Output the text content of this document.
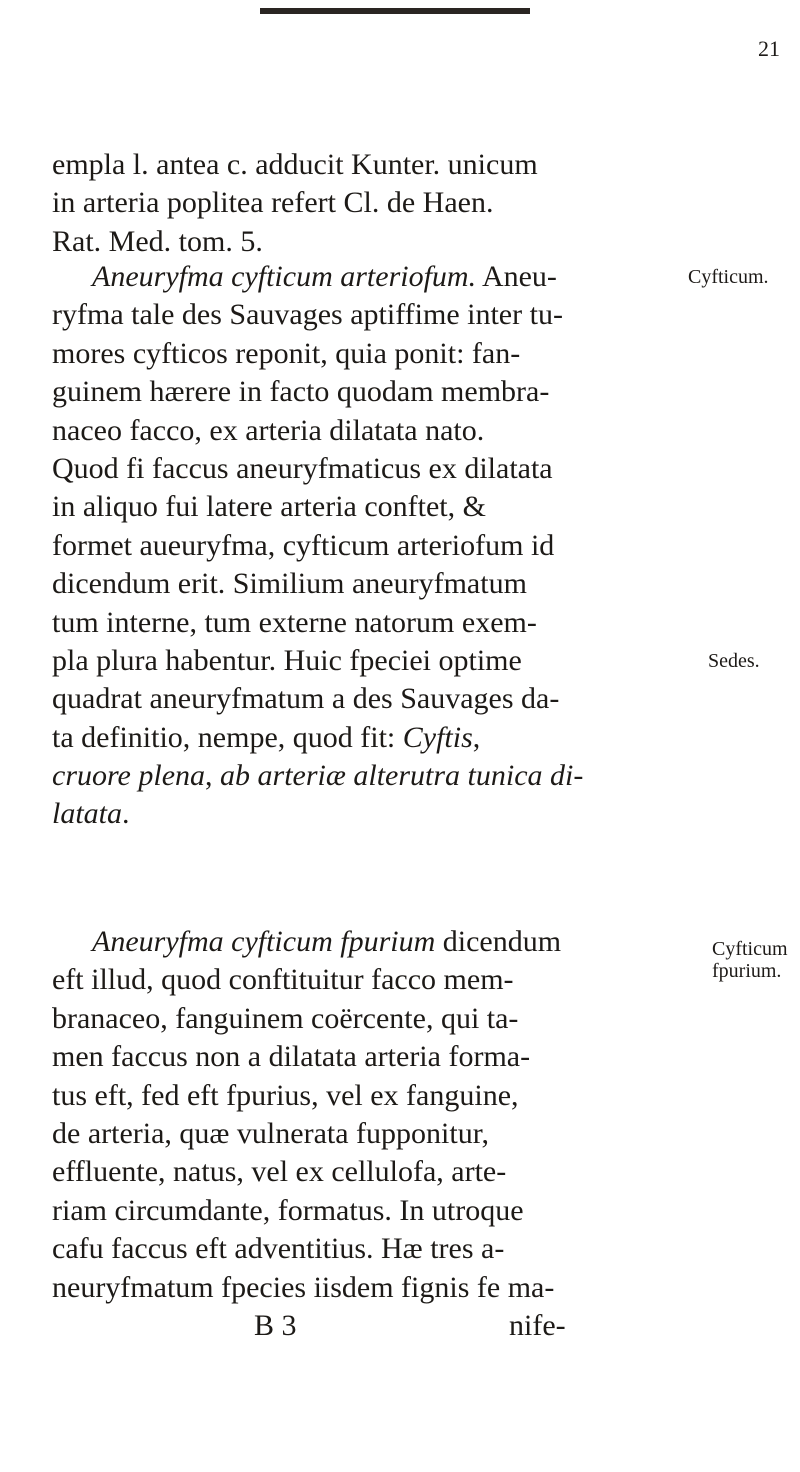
21
empla l. antea c. adducit Kunter. unicum
in arteria poplitea refert Cl. de Haen.
Rat. Med. tom. 5.
Aneuryfma cyfticum arteriofum. Aneu-
ryfma tale des Sauvages aptiffime inter tu-
mores cyfticos reponit, quia ponit: fan-
guinem hærere in facto quodam membra-
naceo facco, ex arteria dilatata nato.
Quod fi faccus aneuryfmaticus ex dilatata
in aliquo fui latere arteria conftet, &
formet aueuryfma, cyfticum arteriofum id
dicendum erit. Similium aneuryfmatum
tum interne, tum externe natorum exem-
pla plura habentur. Huic fpeciei optime
quadrat aneuryfmatum a des Sauvages da-
ta definitio, nempe, quod fit: Cyftis,
cruore plena, ab arteriæ alterutra tunica di-
latata.
Aneuryfma cyfticum fpurium dicendum
eft illud, quod conftituitur facco mem-
branaceo, fanguinem coërcente, qui ta-
men faccus non a dilatata arteria forma-
tus eft, fed eft fpurius, vel ex fanguine,
de arteria, quæ vulnerata fupponitur,
effluente, natus, vel ex cellulofa, arte-
riam circumdante, formatus. In utroque
cafu faccus eft adventitius. Hæ tres a-
neuryfmatum fpecies iisdem fignis fe ma-
Cyfticum.
Sedes.
Cyfticum
fpurium.
B 3	nife-
